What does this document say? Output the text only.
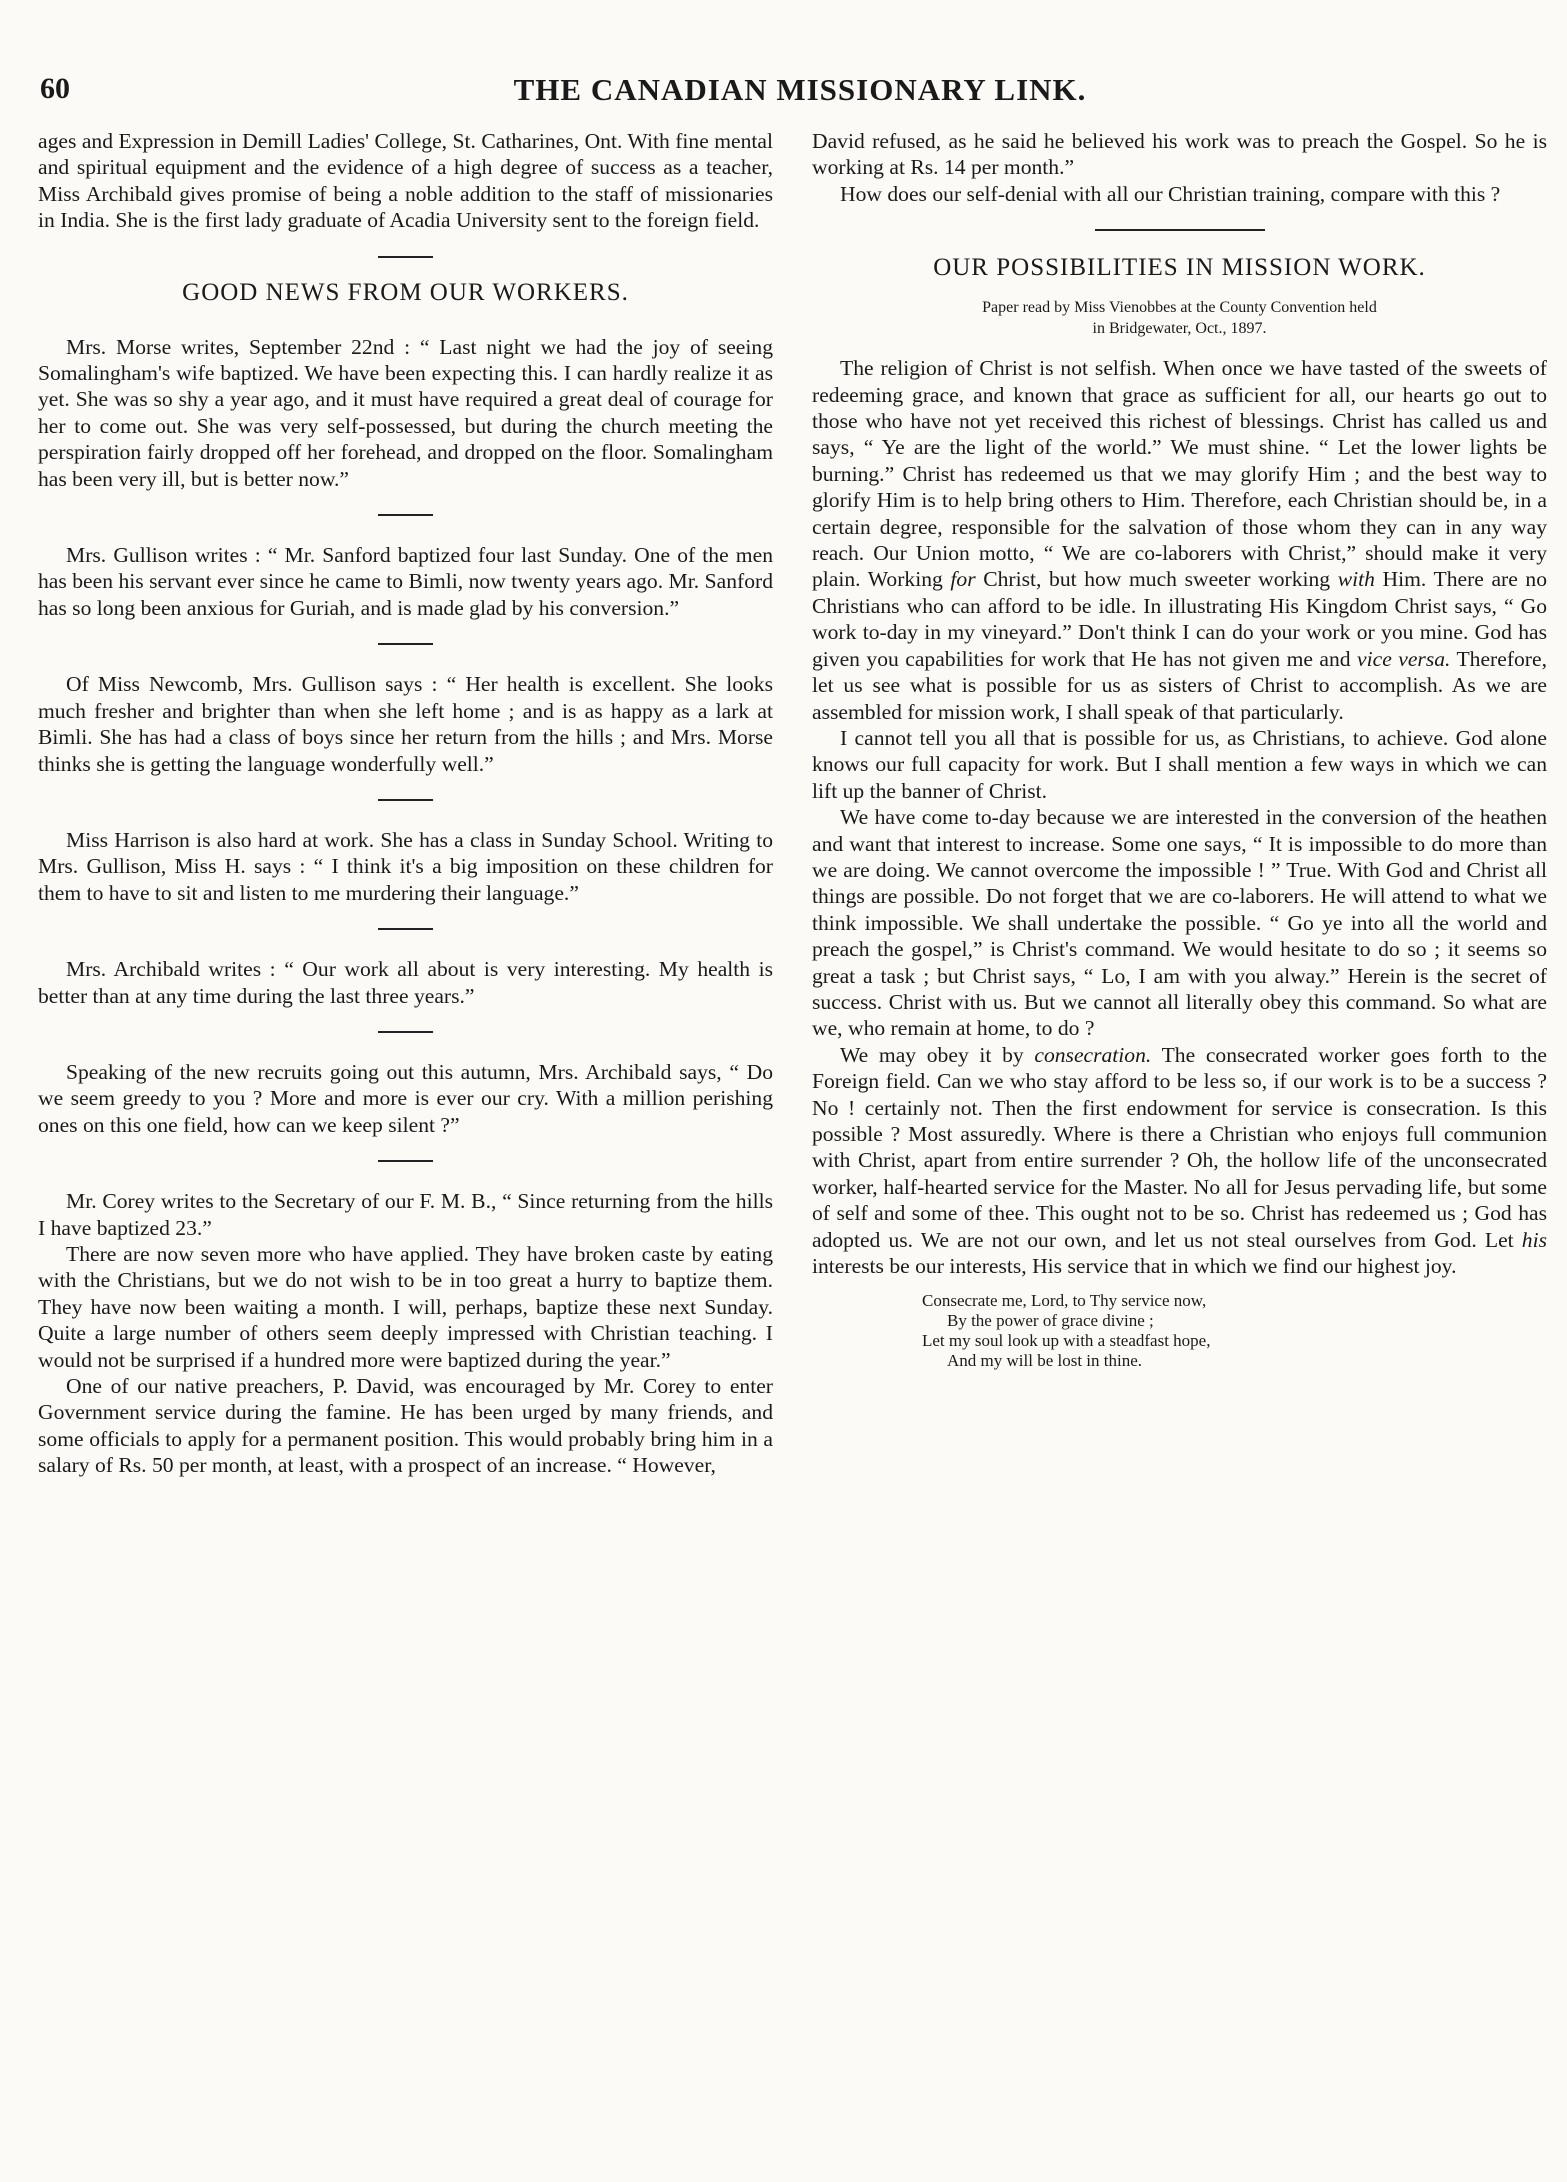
60	THE CANADIAN MISSIONARY LINK.

ages and Expression in Demill Ladies' College, St. Catharines, Ont. With fine mental and spiritual equipment and the evidence of a high degree of success as a teacher, Miss Archibald gives promise of being a noble addition to the staff of missionaries in India. She is the first lady graduate of Acadia University sent to the foreign field.

GOOD NEWS FROM OUR WORKERS.

Mrs. Morse writes, September 22nd : “ Last night we had the joy of seeing Somalingham's wife baptized. We have been expecting this. I can hardly realize it as yet. She was so shy a year ago, and it must have required a great deal of courage for her to come out. She was very self-possessed, but during the church meeting the perspiration fairly dropped off her forehead, and dropped on the floor. Somalingham has been very ill, but is better now.”

Mrs. Gullison writes : “ Mr. Sanford baptized four last Sunday. One of the men has been his servant ever since he came to Bimli, now twenty years ago. Mr. Sanford has so long been anxious for Guriah, and is made glad by his conversion.”

Of Miss Newcomb, Mrs. Gullison says : “ Her health is excellent. She looks much fresher and brighter than when she left home ; and is as happy as a lark at Bimli. She has had a class of boys since her return from the hills ; and Mrs. Morse thinks she is getting the language wonderfully well.”

Miss Harrison is also hard at work. She has a class in Sunday School. Writing to Mrs. Gullison, Miss H. says : “ I think it's a big imposition on these children for them to have to sit and listen to me murdering their language.”

Mrs. Archibald writes : “ Our work all about is very interesting. My health is better than at any time during the last three years.”

Speaking of the new recruits going out this autumn, Mrs. Archibald says, “ Do we seem greedy to you ? More and more is ever our cry. With a million perishing ones on this one field, how can we keep silent ?”

Mr. Corey writes to the Secretary of our F. M. B., “ Since returning from the hills I have baptized 23.”

There are now seven more who have applied. They have broken caste by eating with the Christians, but we do not wish to be in too great a hurry to baptize them. They have now been waiting a month. I will, perhaps, baptize these next Sunday. Quite a large number of others seem deeply impressed with Christian teaching. I would not be surprised if a hundred more were baptized during the year.”

One of our native preachers, P. David, was encouraged by Mr. Corey to enter Government service during the famine. He has been urged by many friends, and some officials to apply for a permanent position. This would probably bring him in a salary of Rs. 50 per month, at least, with a prospect of an increase. “ However,

David refused, as he said he believed his work was to preach the Gospel. So he is working at Rs. 14 per month.”

How does our self-denial with all our Christian training, compare with this ?

OUR POSSIBILITIES IN MISSION WORK.
Paper read by Miss Vienobbes at the County Convention held
in Bridgewater, Oct., 1897.

The religion of Christ is not selfish. When once we have tasted of the sweets of redeeming grace, and known that grace as sufficient for all, our hearts go out to those who have not yet received this richest of blessings. Christ has called us and says, “ Ye are the light of the world.” We must shine. “ Let the lower lights be burning.” Christ has redeemed us that we may glorify Him ; and the best way to glorify Him is to help bring others to Him. Therefore, each Christian should be, in a certain degree, responsible for the salvation of those whom they can in any way reach. Our Union motto, “ We are co-laborers with Christ,” should make it very plain. Working for Christ, but how much sweeter working with Him. There are no Christians who can afford to be idle. In illustrating His Kingdom Christ says, “ Go work to-day in my vineyard.” Don't think I can do your work or you mine. God has given you capabilities for work that He has not given me and vice versa. Therefore, let us see what is possible for us as sisters of Christ to accomplish. As we are assembled for mission work, I shall speak of that particularly.

I cannot tell you all that is possible for us, as Christians, to achieve. God alone knows our full capacity for work. But I shall mention a few ways in which we can lift up the banner of Christ.

We have come to-day because we are interested in the conversion of the heathen and want that interest to increase. Some one says, “ It is impossible to do more than we are doing. We cannot overcome the impossible ! ” True. With God and Christ all things are possible. Do not forget that we are co-laborers. He will attend to what we think impossible. We shall undertake the possible. “ Go ye into all the world and preach the gospel,” is Christ's command. We would hesitate to do so ; it seems so great a task ; but Christ says, “ Lo, I am with you alway.” Herein is the secret of success. Christ with us. But we cannot all literally obey this command. So what are we, who remain at home, to do ?

We may obey it by consecration. The consecrated worker goes forth to the Foreign field. Can we who stay afford to be less so, if our work is to be a success ? No ! certainly not. Then the first endowment for service is consecration. Is this possible ? Most assuredly. Where is there a Christian who enjoys full communion with Christ, apart from entire surrender ? Oh, the hollow life of the unconsecrated worker, half-hearted service for the Master. No all for Jesus pervading life, but some of self and some of thee. This ought not to be so. Christ has redeemed us ; God has adopted us. We are not our own, and let us not steal ourselves from God. Let his interests be our interests, His service that in which we find our highest joy.

Consecrate me, Lord, to Thy service now,
By the power of grace divine ;
Let my soul look up with a steadfast hope,
And my will be lost in thine.
